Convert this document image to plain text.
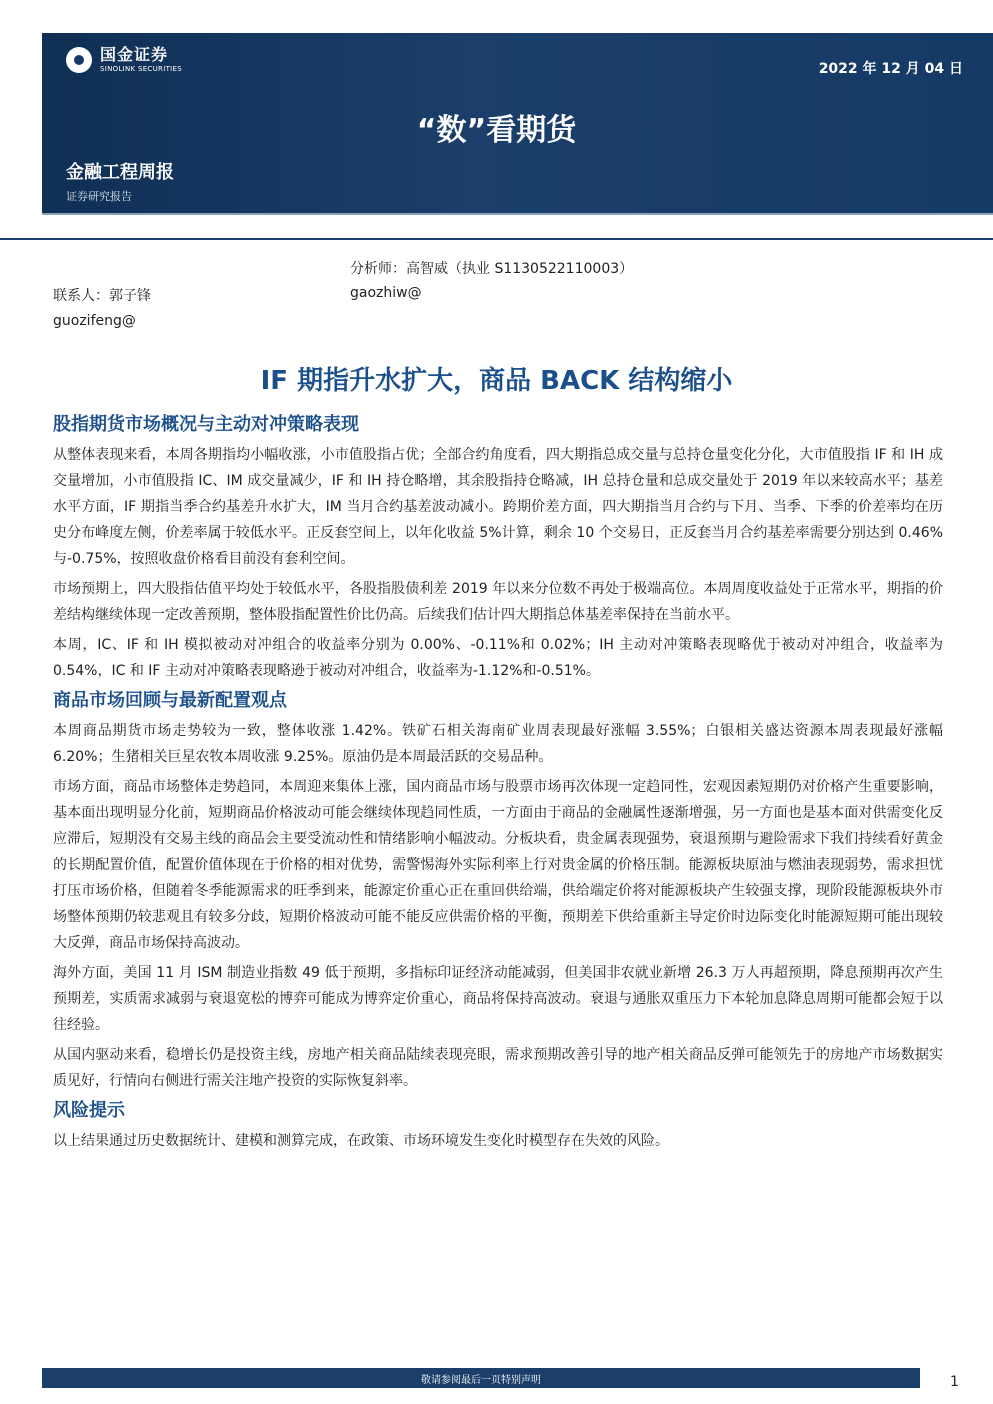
国金证券
SINOLINK SECURITIES	2022 年 12 月 04 日
“数”看期货
金融工程周报
证券研究报告
分析师：高智威（执业 S1130522110003）
联系人：郭子锋	gaozhiw@
guozifeng@
IF 期指升水扩大，商品 BACK 结构缩小
股指期货市场概况与主动对冲策略表现

从整体表现来看，本周各期指均小幅收涨，小市值股指占优；全部合约角度看，四大期指总成交量与总持仓量变化分化，大市值股指 IF 和 IH 成交量增加，小市值股指 IC、IM 成交量减少，IF 和 IH 持仓略增，其余股指持仓略减，IH 总持仓量和总成交量处于 2019 年以来较高水平；基差水平方面，IF 期指当季合约基差升水扩大，IM 当月合约基差波动减小。跨期价差方面，四大期指当月合约与下月、当季、下季的价差率均在历史分布峰度左侧，价差率属于较低水平。正反套空间上，以年化收益 5%计算，剩余 10 个交易日，正反套当月合约基差率需要分别达到 0.46%与-0.75%，按照收盘价格看目前没有套利空间。

市场预期上，四大股指估值平均处于较低水平，各股指股债利差 2019 年以来分位数不再处于极端高位。本周周度收益处于正常水平，期指的价差结构继续体现一定改善预期，整体股指配置性价比仍高。后续我们估计四大期指总体基差率保持在当前水平。

本周，IC、IF 和 IH 模拟被动对冲组合的收益率分别为 0.00%、-0.11%和 0.02%；IH 主动对冲策略表现略优于被动对冲组合，收益率为 0.54%，IC 和 IF 主动对冲策略表现略逊于被动对冲组合，收益率为-1.12%和-0.51%。

商品市场回顾与最新配置观点

本周商品期货市场走势较为一致，整体收涨 1.42%。铁矿石相关海南矿业周表现最好涨幅 3.55%；白银相关盛达资源本周表现最好涨幅 6.20%；生猪相关巨星农牧本周收涨 9.25%。原油仍是本周最活跃的交易品种。

市场方面，商品市场整体走势趋同，本周迎来集体上涨，国内商品市场与股票市场再次体现一定趋同性，宏观因素短期仍对价格产生重要影响，基本面出现明显分化前，短期商品价格波动可能会继续体现趋同性质，一方面由于商品的金融属性逐渐增强，另一方面也是基本面对供需变化反应滞后，短期没有交易主线的商品会主要受流动性和情绪影响小幅波动。分板块看，贵金属表现强势，衰退预期与避险需求下我们持续看好黄金的长期配置价值，配置价值体现在于价格的相对优势，需警惕海外实际利率上行对贵金属的价格压制。能源板块原油与燃油表现弱势，需求担忧打压市场价格，但随着冬季能源需求的旺季到来，能源定价重心正在重回供给端，供给端定价将对能源板块产生较强支撑，现阶段能源板块外市场整体预期仍较悲观且有较多分歧，短期价格波动可能不能反应供需价格的平衡，预期差下供给重新主导定价时边际变化时能源短期可能出现较大反弹，商品市场保持高波动。

海外方面，美国 11 月 ISM 制造业指数 49 低于预期，多指标印证经济动能减弱，但美国非农就业新增 26.3 万人再超预期，降息预期再次产生预期差，实质需求减弱与衰退宽松的博弈可能成为博弈定价重心，商品将保持高波动。衰退与通胀双重压力下本轮加息降息周期可能都会短于以往经验。

从国内驱动来看，稳增长仍是投资主线，房地产相关商品陆续表现亮眼，需求预期改善引导的地产相关商品反弹可能领先于的房地产市场数据实质见好，行情向右侧进行需关注地产投资的实际恢复斜率。

风险提示

以上结果通过历史数据统计、建模和测算完成，在政策、市场环境发生变化时模型存在失效的风险。

敬请参阅最后一页特别声明	1
